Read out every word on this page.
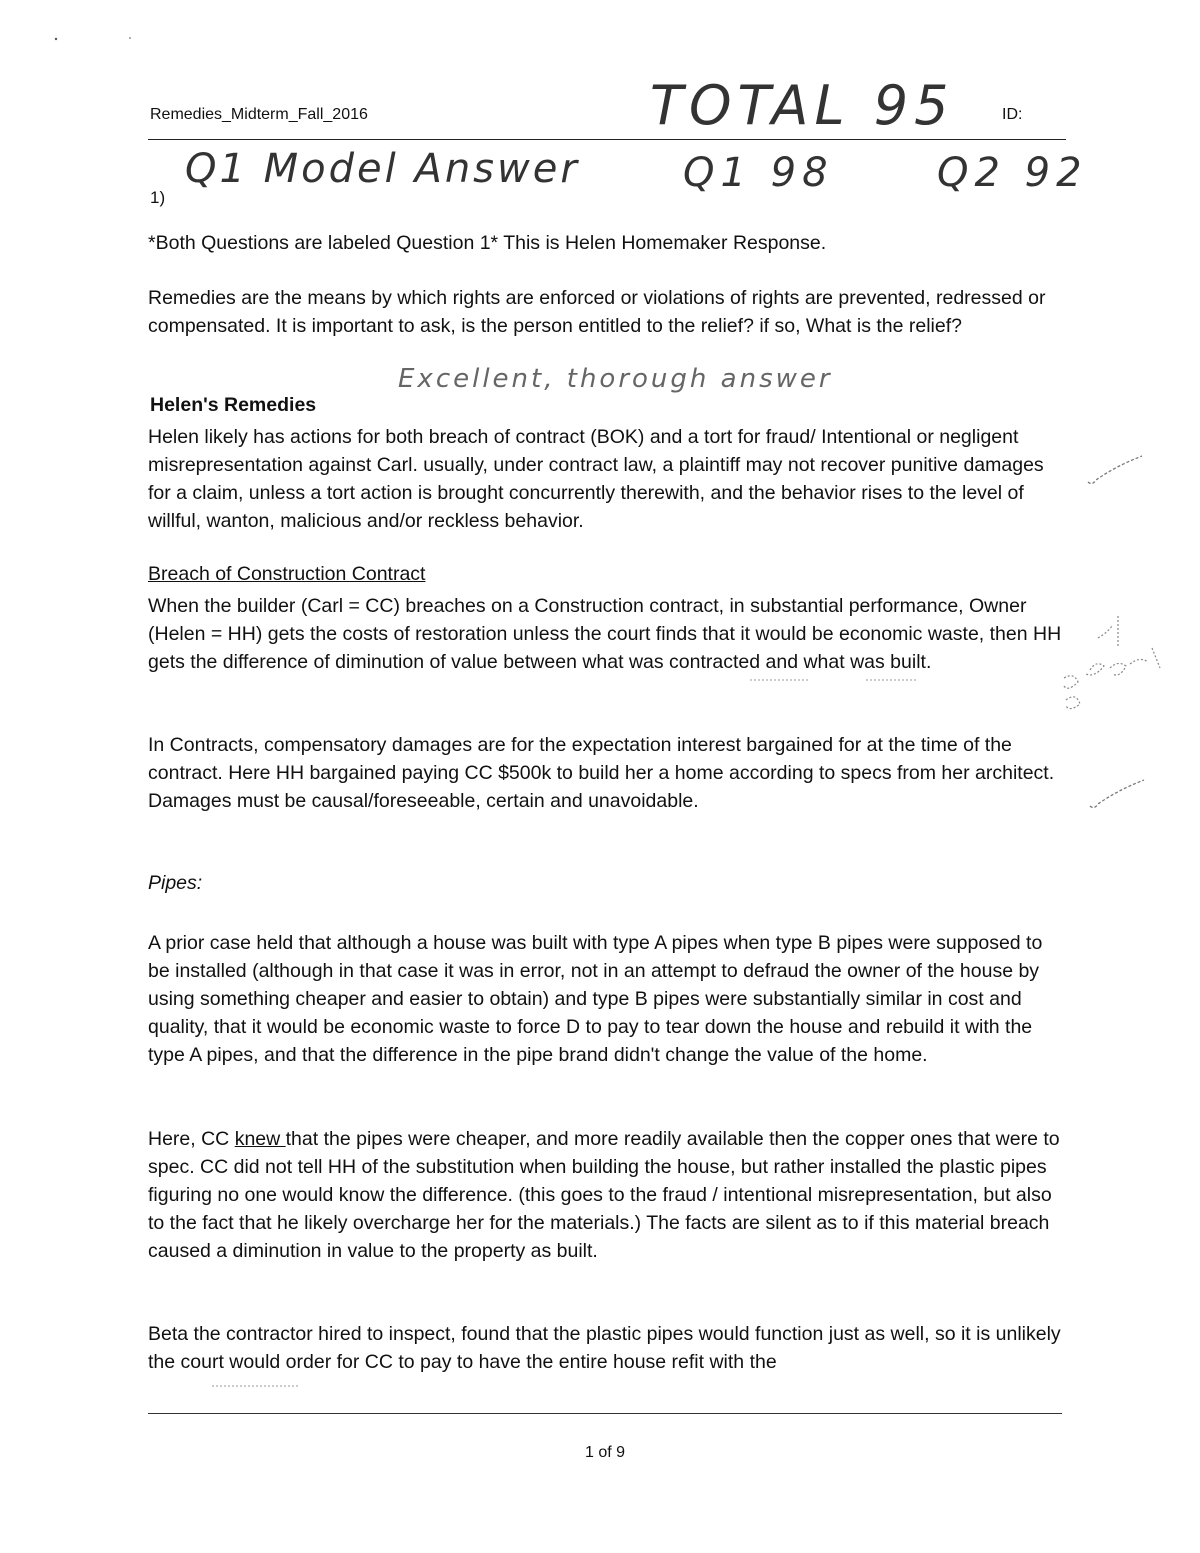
Remedies_Midterm_Fall_2016	ID:
TOTAL 95
Q1 Model Answer	Q1 98	Q2 92
Excellent, thorough answer
1)

*Both Questions are labeled Question 1* This is Helen Homemaker Response.

Remedies are the means by which rights are enforced or violations of rights are prevented, redressed or compensated. It is important to ask, is the person entitled to the relief? if so, What is the relief?

Helen's Remedies

Helen likely has actions for both breach of contract (BOK) and a tort for fraud/ Intentional or negligent misrepresentation against Carl. usually, under contract law, a plaintiff may not recover punitive damages for a claim, unless a tort action is brought concurrently therewith, and the behavior rises to the level of willful, wanton, malicious and/or reckless behavior.

Breach of Construction Contract

When the builder (Carl = CC) breaches on a Construction contract, in substantial performance, Owner (Helen = HH) gets the costs of restoration unless the court finds that it would be economic waste, then HH gets the difference of diminution of value between what was contracted and what was built.

In Contracts, compensatory damages are for the expectation interest bargained for at the time of the contract. Here HH bargained paying CC $500k to build her a home according to specs from her architect. Damages must be causal/foreseeable, certain and unavoidable.

Pipes:

A prior case held that although a house was built with type A pipes when type B pipes were supposed to be installed (although in that case it was in error, not in an attempt to defraud the owner of the house by using something cheaper and easier to obtain) and type B pipes were substantially similar in cost and quality, that it would be economic waste to force D to pay to tear down the house and rebuild it with the type A pipes, and that the difference in the pipe brand didn't change the value of the home.

Here, CC knew that the pipes were cheaper, and more readily available then the copper ones that were to spec. CC did not tell HH of the substitution when building the house, but rather installed the plastic pipes figuring no one would know the difference. (this goes to the fraud / intentional misrepresentation, but also to the fact that he likely overcharge her for the materials.) The facts are silent as to if this material breach caused a diminution in value to the property as built.

Beta the contractor hired to inspect, found that the plastic pipes would function just as well, so it is unlikely the court would order for CC to pay to have the entire house refit with the

1 of 9
